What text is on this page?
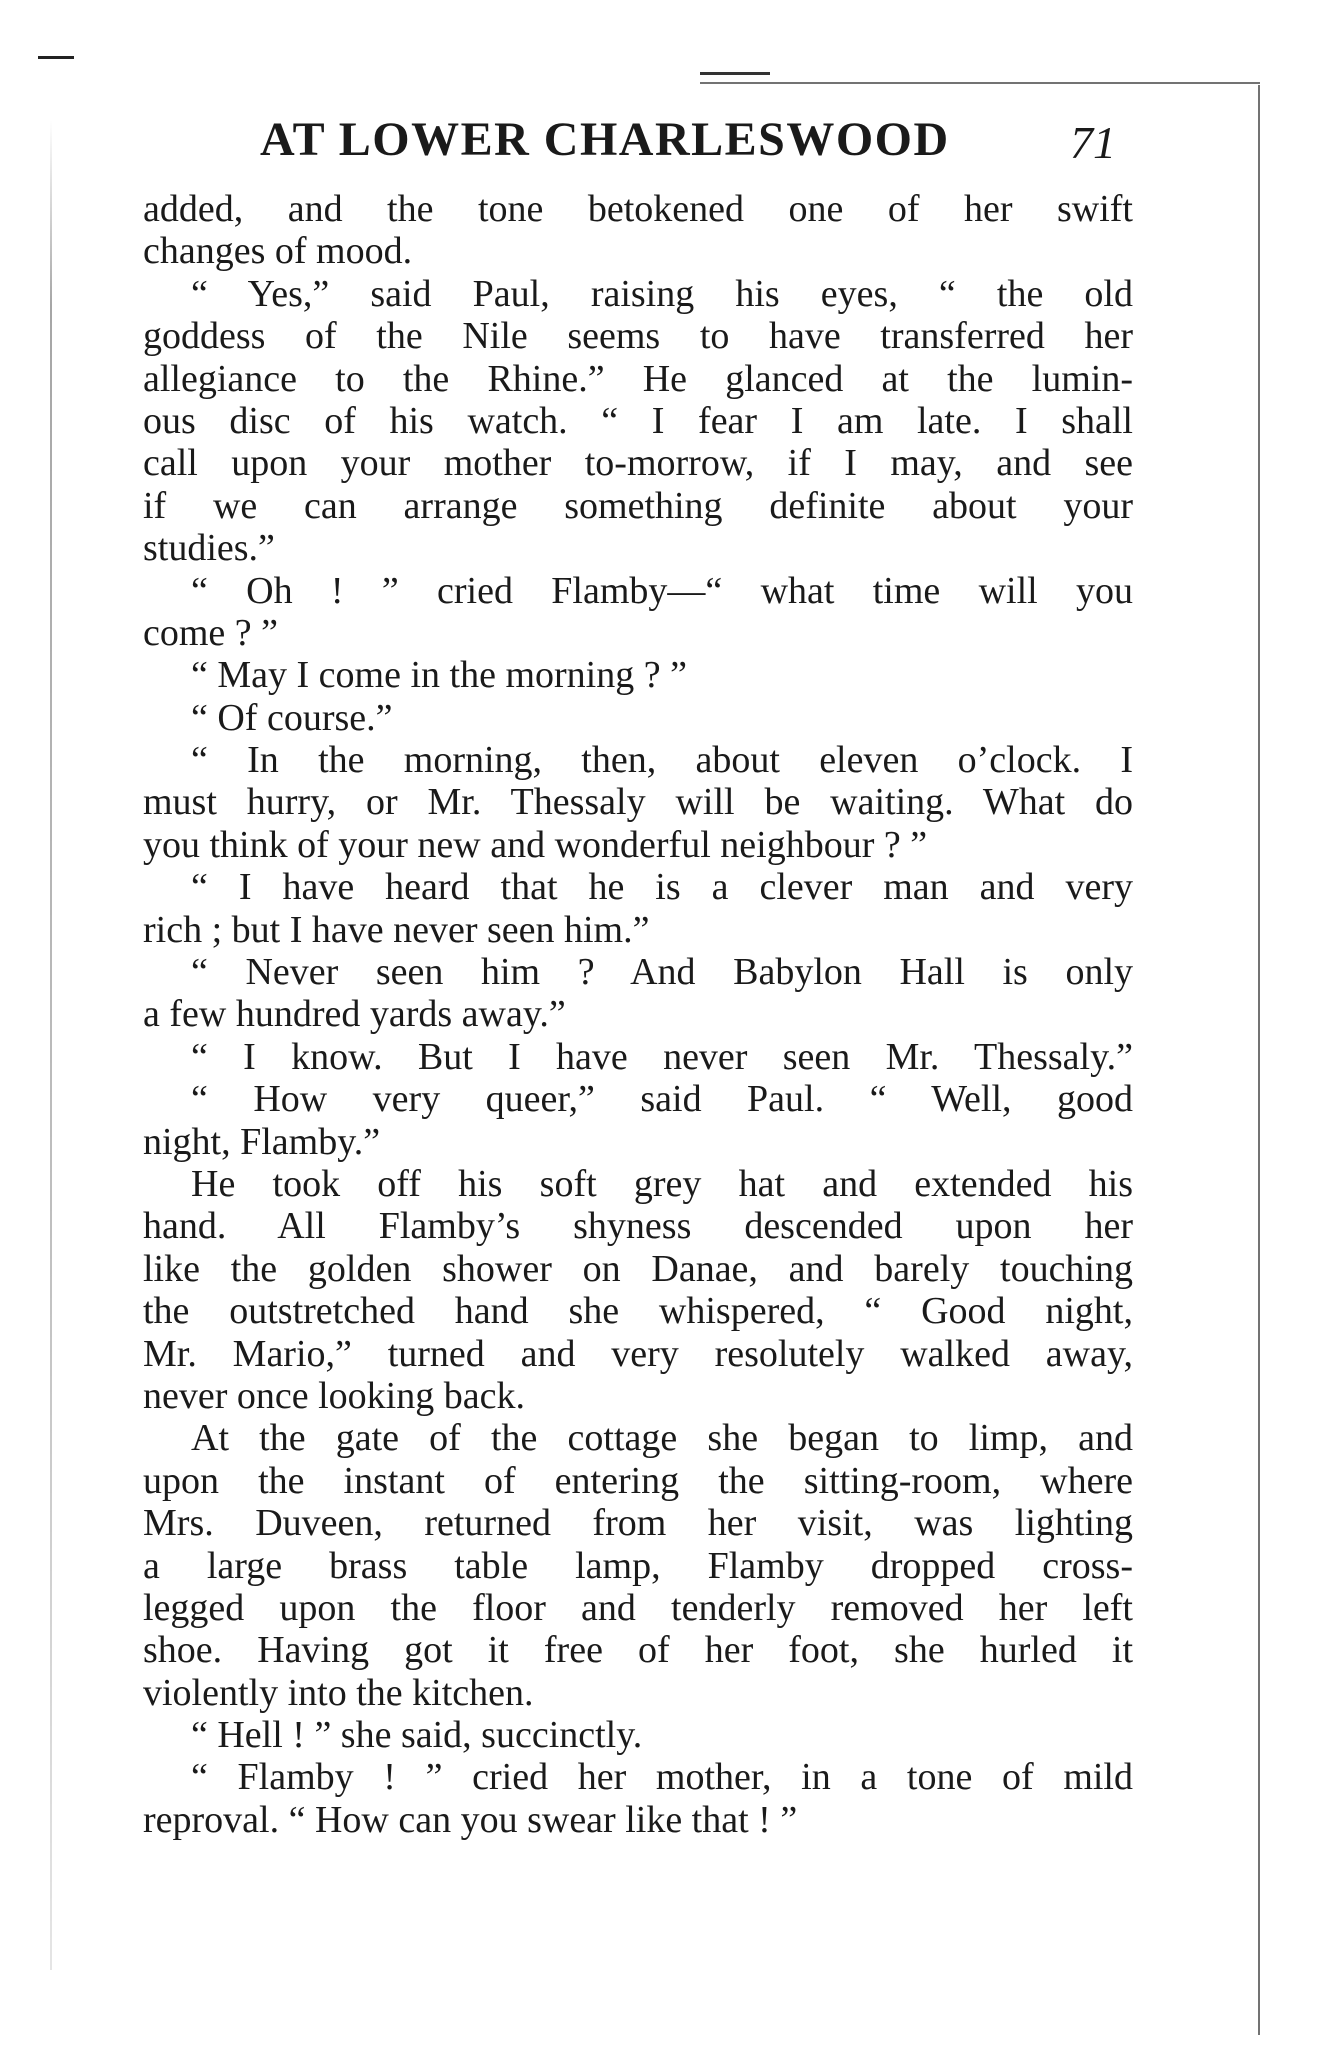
AT LOWER CHARLESWOOD	71
added, and the tone betokened one of her swift
changes of mood.
“ Yes,” said Paul, raising his eyes, “ the old
goddess of the Nile seems to have transferred her
allegiance to the Rhine.” He glanced at the lumin-
ous disc of his watch. “ I fear I am late. I shall
call upon your mother to-morrow, if I may, and see
if we can arrange something definite about your
studies.”
“ Oh ! ” cried Flamby—“ what time will you
come ? ”
“ May I come in the morning ? ”
“ Of course.”
“ In the morning, then, about eleven o’clock. I
must hurry, or Mr. Thessaly will be waiting. What do
you think of your new and wonderful neighbour ? ”
“ I have heard that he is a clever man and very
rich ; but I have never seen him.”
“ Never seen him ? And Babylon Hall is only
a few hundred yards away.”
“ I know. But I have never seen Mr. Thessaly.”
“ How very queer,” said Paul. “ Well, good
night, Flamby.”
He took off his soft grey hat and extended his
hand. All Flamby’s shyness descended upon her
like the golden shower on Danae, and barely touching
the outstretched hand she whispered, “ Good night,
Mr. Mario,” turned and very resolutely walked away,
never once looking back.
At the gate of the cottage she began to limp, and
upon the instant of entering the sitting-room, where
Mrs. Duveen, returned from her visit, was lighting
a large brass table lamp, Flamby dropped cross-
legged upon the floor and tenderly removed her left
shoe. Having got it free of her foot, she hurled it
violently into the kitchen.
“ Hell ! ” she said, succinctly.
“ Flamby ! ” cried her mother, in a tone of mild
reproval. “ How can you swear like that ! ”
